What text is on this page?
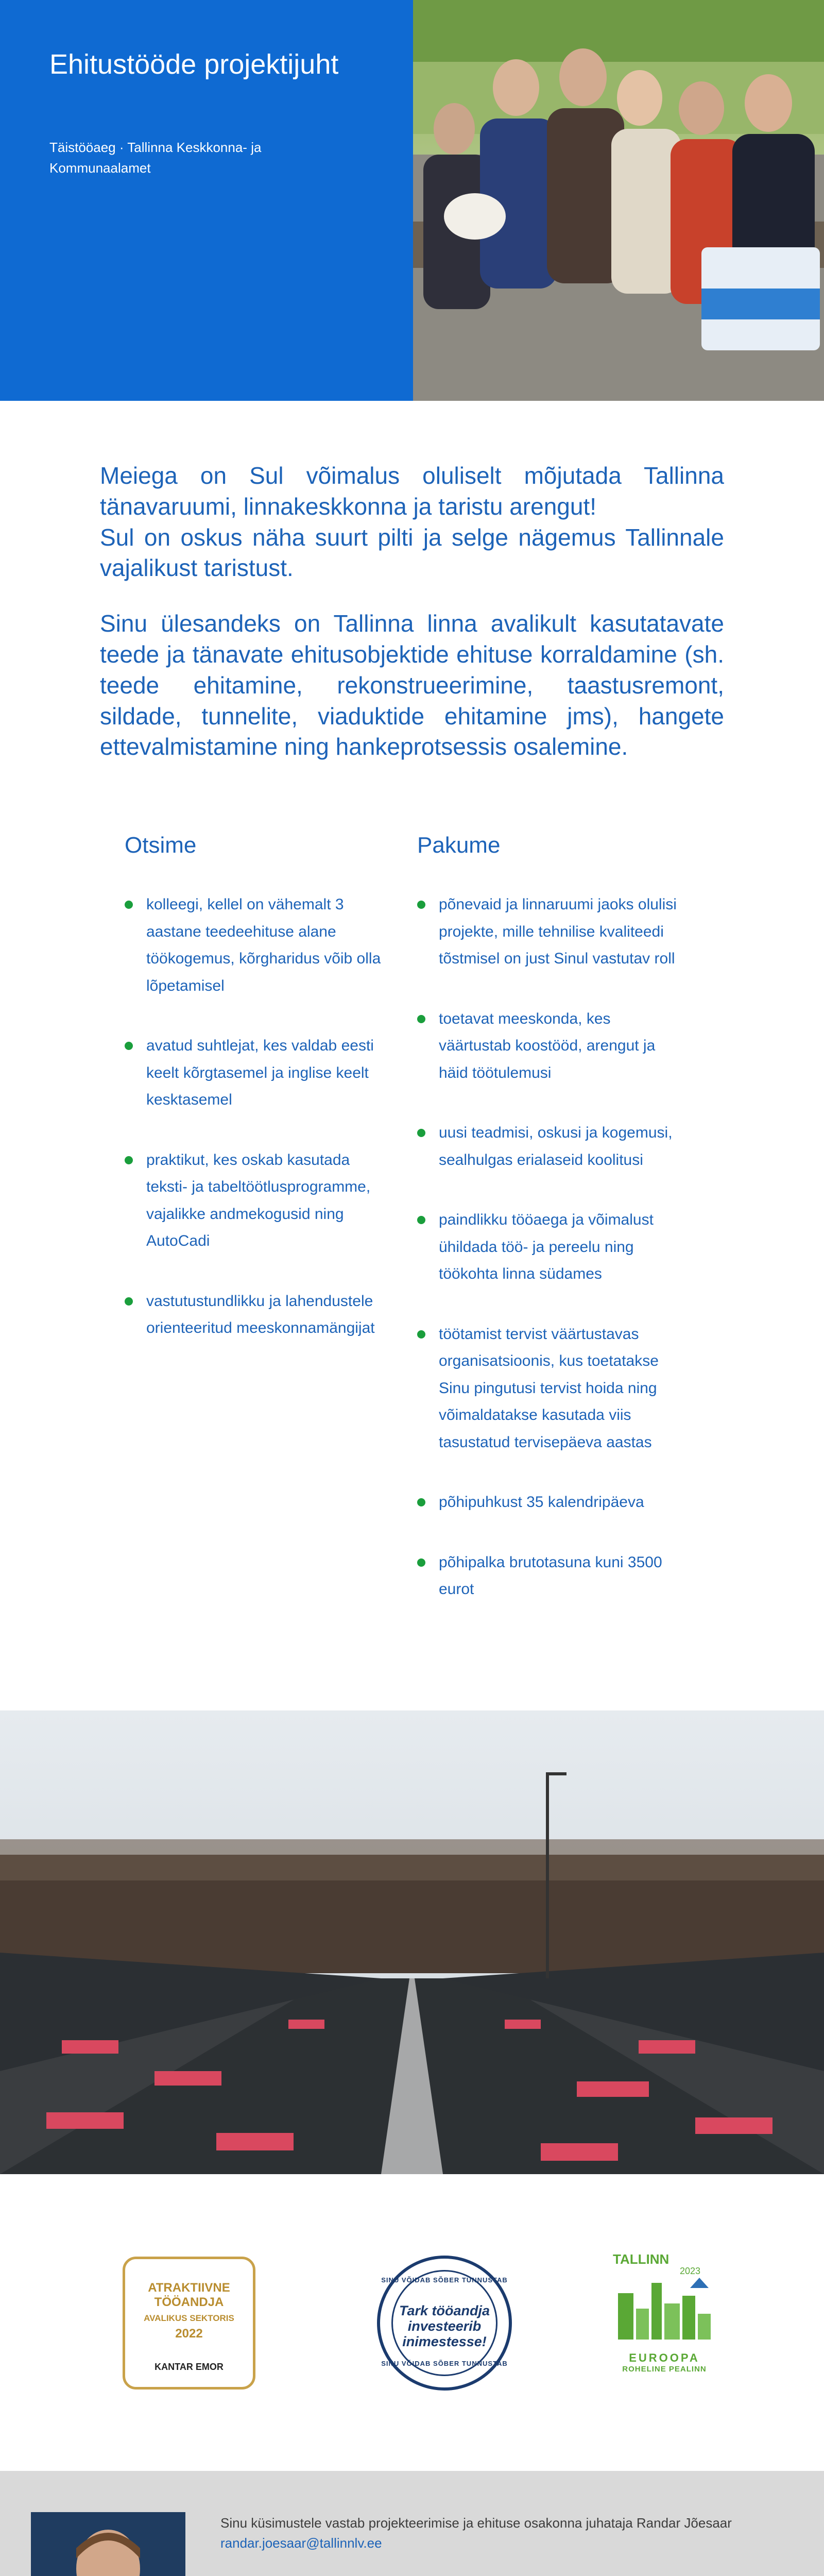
Ehitustööde projektijuht
Täistööaeg · Tallinna Keskkonna- ja Kommunaalamet

Meiega on Sul võimalus oluliselt mõjutada Tallinna tänavaruumi, linnakeskkonna ja taristu arengut!
Sul on oskus näha suurt pilti ja selge nägemus Tallinnale vajalikust taristust.

Sinu ülesandeks on Tallinna linna avalikult kasutatavate teede ja tänavate ehitusobjektide ehituse korraldamine (sh. teede ehitamine, rekonstrueerimine, taastusremont, sildade, tunnelite, viaduktide ehitamine jms), hangete ettevalmistamine ning hankeprotsessis osalemine.

Otsime
kolleegi, kellel on vähemalt 3 aastane teedeehituse alane töökogemus, kõrgharidus võib olla lõpetamisel
avatud suhtlejat, kes valdab eesti keelt kõrgtasemel ja inglise keelt kesktasemel
praktikut, kes oskab kasutada teksti- ja tabeltöötlusprogramme, vajalikke andmekogusid ning AutoCadi
vastutustundlikku ja lahendustele orienteeritud meeskonnamängijat
Pakume
põnevaid ja linnaruumi jaoks olulisi projekte, mille tehnilise kvaliteedi tõstmisel on just Sinul vastutav roll
toetavat meeskonda, kes väärtustab koostööd, arengut ja häid töötulemusi
uusi teadmisi, oskusi ja kogemusi, sealhulgas erialaseid koolitusi
paindlikku tööaega ja võimalust ühildada töö- ja pereelu ning töökohta linna südames
töötamist tervist väärtustavas organisatsioonis, kus toetatakse Sinu pingutusi tervist hoida ning võimaldatakse kasutada viis tasustatud tervisepäeva aastas
põhipuhkust 35 kalendripäeva
põhipalka brutotasuna kuni 3500 eurot
ATRAKTIIVNE
TÖÖANDJA
AVALIKUS SEKTORIS
2022
KANTAR EMOR
SINU VÕIDAB SÕBER TUNNUSTAB
Tark tööandja investeerib inimestesse!
SINU VÕIDAB SÕBER TUNNUSTAB
TALLINN
2023
EUROOPA
ROHELINE PEALINN
Sinu küsimustele vastab projekteerimise ja ehituse osakonna juhataja Randar Jõesaar randar.joesaar@tallinnlv.ee
